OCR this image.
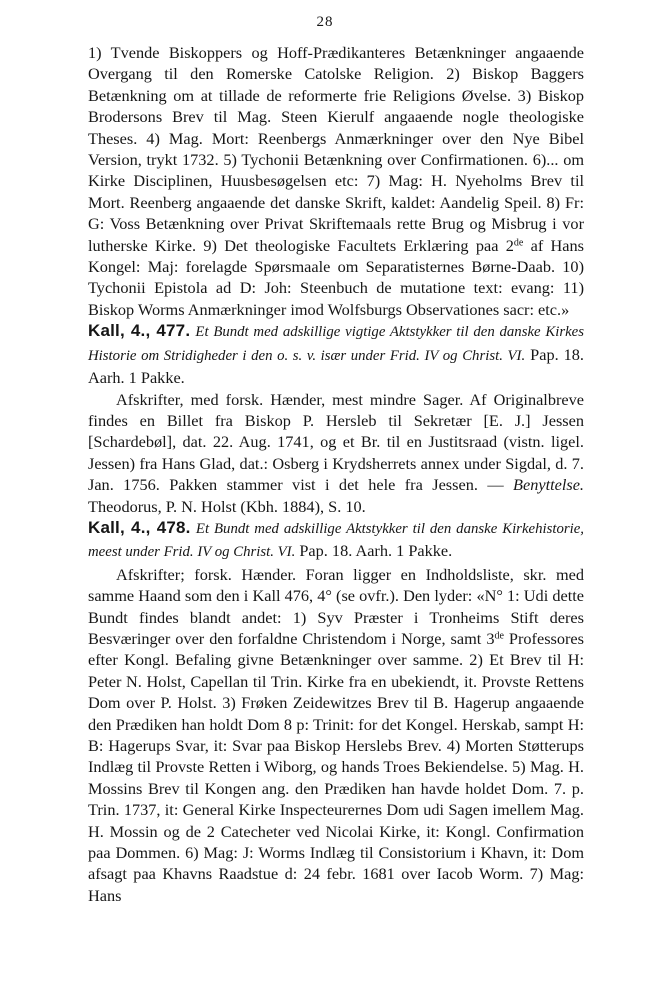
28

1) Tvende Biskoppers og Hoff-Prædikanteres Betænkninger angaaende Overgang til den Romerske Catolske Religion. 2) Biskop Baggers Betænkning om at tillade de reformerte frie Religions Øvelse. 3) Biskop Brodersons Brev til Mag. Steen Kierulf angaaende nogle theologiske Theses. 4) Mag. Mort: Reenbergs Anmærkninger over den Nye Bibel Version, trykt 1732. 5) Tychonii Betænkning over Confirmationen. 6)... om Kirke Disciplinen, Huusbesøgelsen etc: 7) Mag: H. Nyeholms Brev til Mort. Reenberg angaaende det danske Skrift, kaldet: Aandelig Speil. 8) Fr: G: Voss Betænkning over Privat Skriftemaals rette Brug og Misbrug i vor lutherske Kirke. 9) Det theologiske Facultets Erklæring paa 2de af Hans Kongel: Maj: forelagde Spørsmaale om Separatisternes Børne-Daab. 10) Tychonii Epistola ad D: Joh: Steenbuch de mutatione text: evang: 11) Biskop Worms Anmærkninger imod Wolfsburgs Observationes sacr: etc.»

Kall, 4., 477. Et Bundt med adskillige vigtige Aktstykker til den danske Kirkes Historie om Stridigheder i den o. s. v. især under Frid. IV og Christ. VI. Pap. 18. Aarh. 1 Pakke.

Afskrifter, med forsk. Hænder, mest mindre Sager. Af Originalbreve findes en Billet fra Biskop P. Hersleb til Sekretær [E. J.] Jessen [Schardebøl], dat. 22. Aug. 1741, og et Br. til en Justitsraad (vistn. ligel. Jessen) fra Hans Glad, dat.: Osberg i Krydsherrets annex under Sigdal, d. 7. Jan. 1756. Pakken stammer vist i det hele fra Jessen. — Benyttelse. Theodorus, P. N. Holst (Kbh. 1884), S. 10.

Kall, 4., 478. Et Bundt med adskillige Aktstykker til den danske Kirkehistorie, meest under Frid. IV og Christ. VI. Pap. 18. Aarh. 1 Pakke.

Afskrifter; forsk. Hænder. Foran ligger en Indholdsliste, skr. med samme Haand som den i Kall 476, 4° (se ovfr.). Den lyder: «N° 1: Udi dette Bundt findes blandt andet: 1) Syv Præster i Tronheims Stift deres Besværinger over den forfaldne Christendom i Norge, samt 3de Professores efter Kongl. Befaling givne Betænkninger over samme. 2) Et Brev til H: Peter N. Holst, Capellan til Trin. Kirke fra en ubekiendt, it. Provste Rettens Dom over P. Holst. 3) Frøken Zeidewitzes Brev til B. Hagerup angaaende den Prædiken han holdt Dom 8 p: Trinit: for det Kongel. Herskab, sampt H: B: Hagerups Svar, it: Svar paa Biskop Herslebs Brev. 4) Morten Støtterups Indlæg til Provste Retten i Wiborg, og hands Troes Bekiendelse. 5) Mag. H. Mossins Brev til Kongen ang. den Prædiken han havde holdet Dom. 7. p. Trin. 1737, it: General Kirke Inspecteurernes Dom udi Sagen imellem Mag. H. Mossin og de 2 Catecheter ved Nicolai Kirke, it: Kongl. Confirmation paa Dommen. 6) Mag: J: Worms Indlæg til Consistorium i Khavn, it: Dom afsagt paa Khavns Raadstue d: 24 febr. 1681 over Iacob Worm. 7) Mag: Hans
